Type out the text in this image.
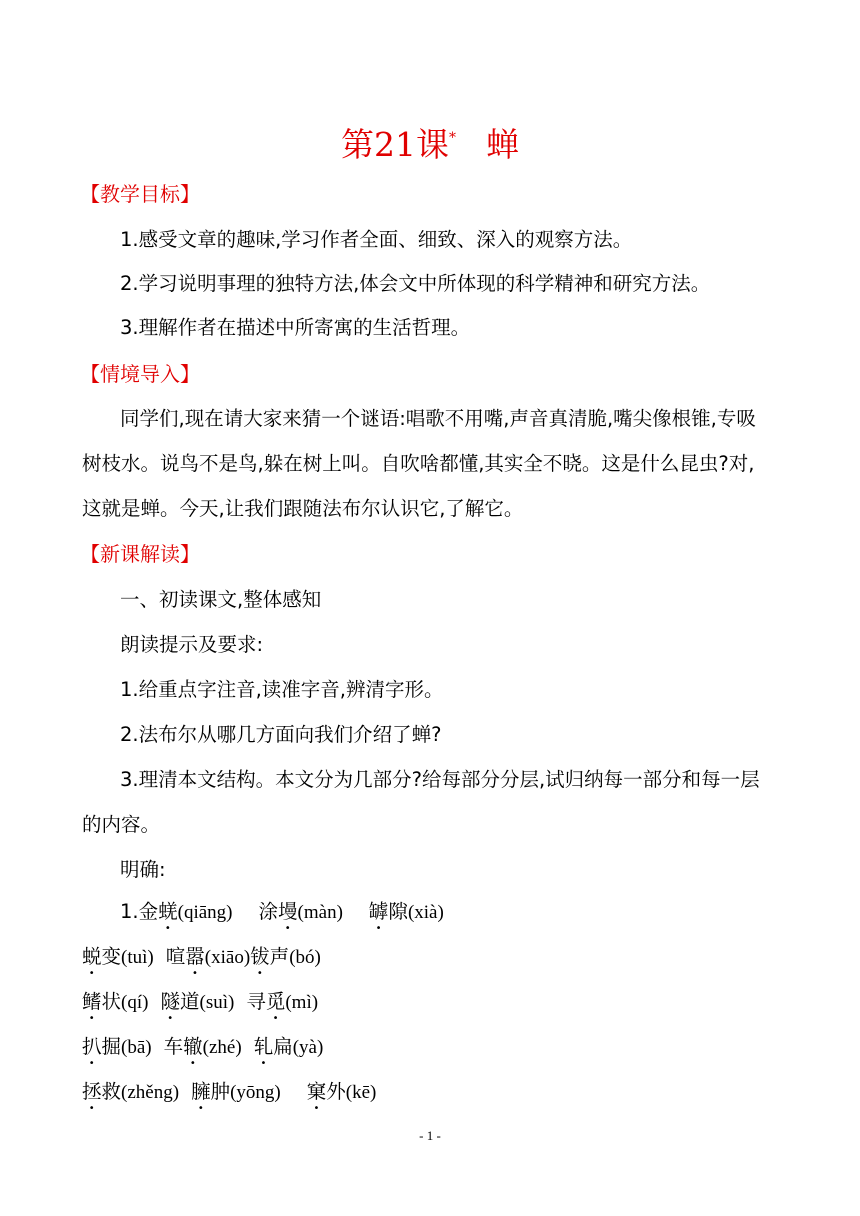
第21课* 蝉
【教学目标】
1.感受文章的趣味,学习作者全面、细致、深入的观察方法。
2.学习说明事理的独特方法,体会文中所体现的科学精神和研究方法。
3.理解作者在描述中所寄寓的生活哲理。
【情境导入】
同学们,现在请大家来猜一个谜语:唱歌不用嘴,声音真清脆,嘴尖像根锥,专吸
树枝水。说鸟不是鸟,躲在树上叫。自吹啥都懂,其实全不晓。这是什么昆虫?对,
这就是蝉。今天,让我们跟随法布尔认识它,了解它。
【新课解读】
一、初读课文,整体感知
朗读提示及要求:
1.给重点字注音,读准字音,辨清字形。
2.法布尔从哪几方面向我们介绍了蝉?
3.理清本文结构。本文分为几部分?给每部分分层,试归纳每一部分和每一层
的内容。
明确:
1.金蜣(qiāng) 涂墁(màn) 罅隙(xià)
蜕变(tuì) 喧嚣(xiāo)钹声(bó)
鳍状(qí) 隧道(suì) 寻觅(mì)
扒掘(bā) 车辙(zhé) 轧扁(yà)
拯救(zhěng) 臃肿(yōng) 窠外(kē)
- 1 -
